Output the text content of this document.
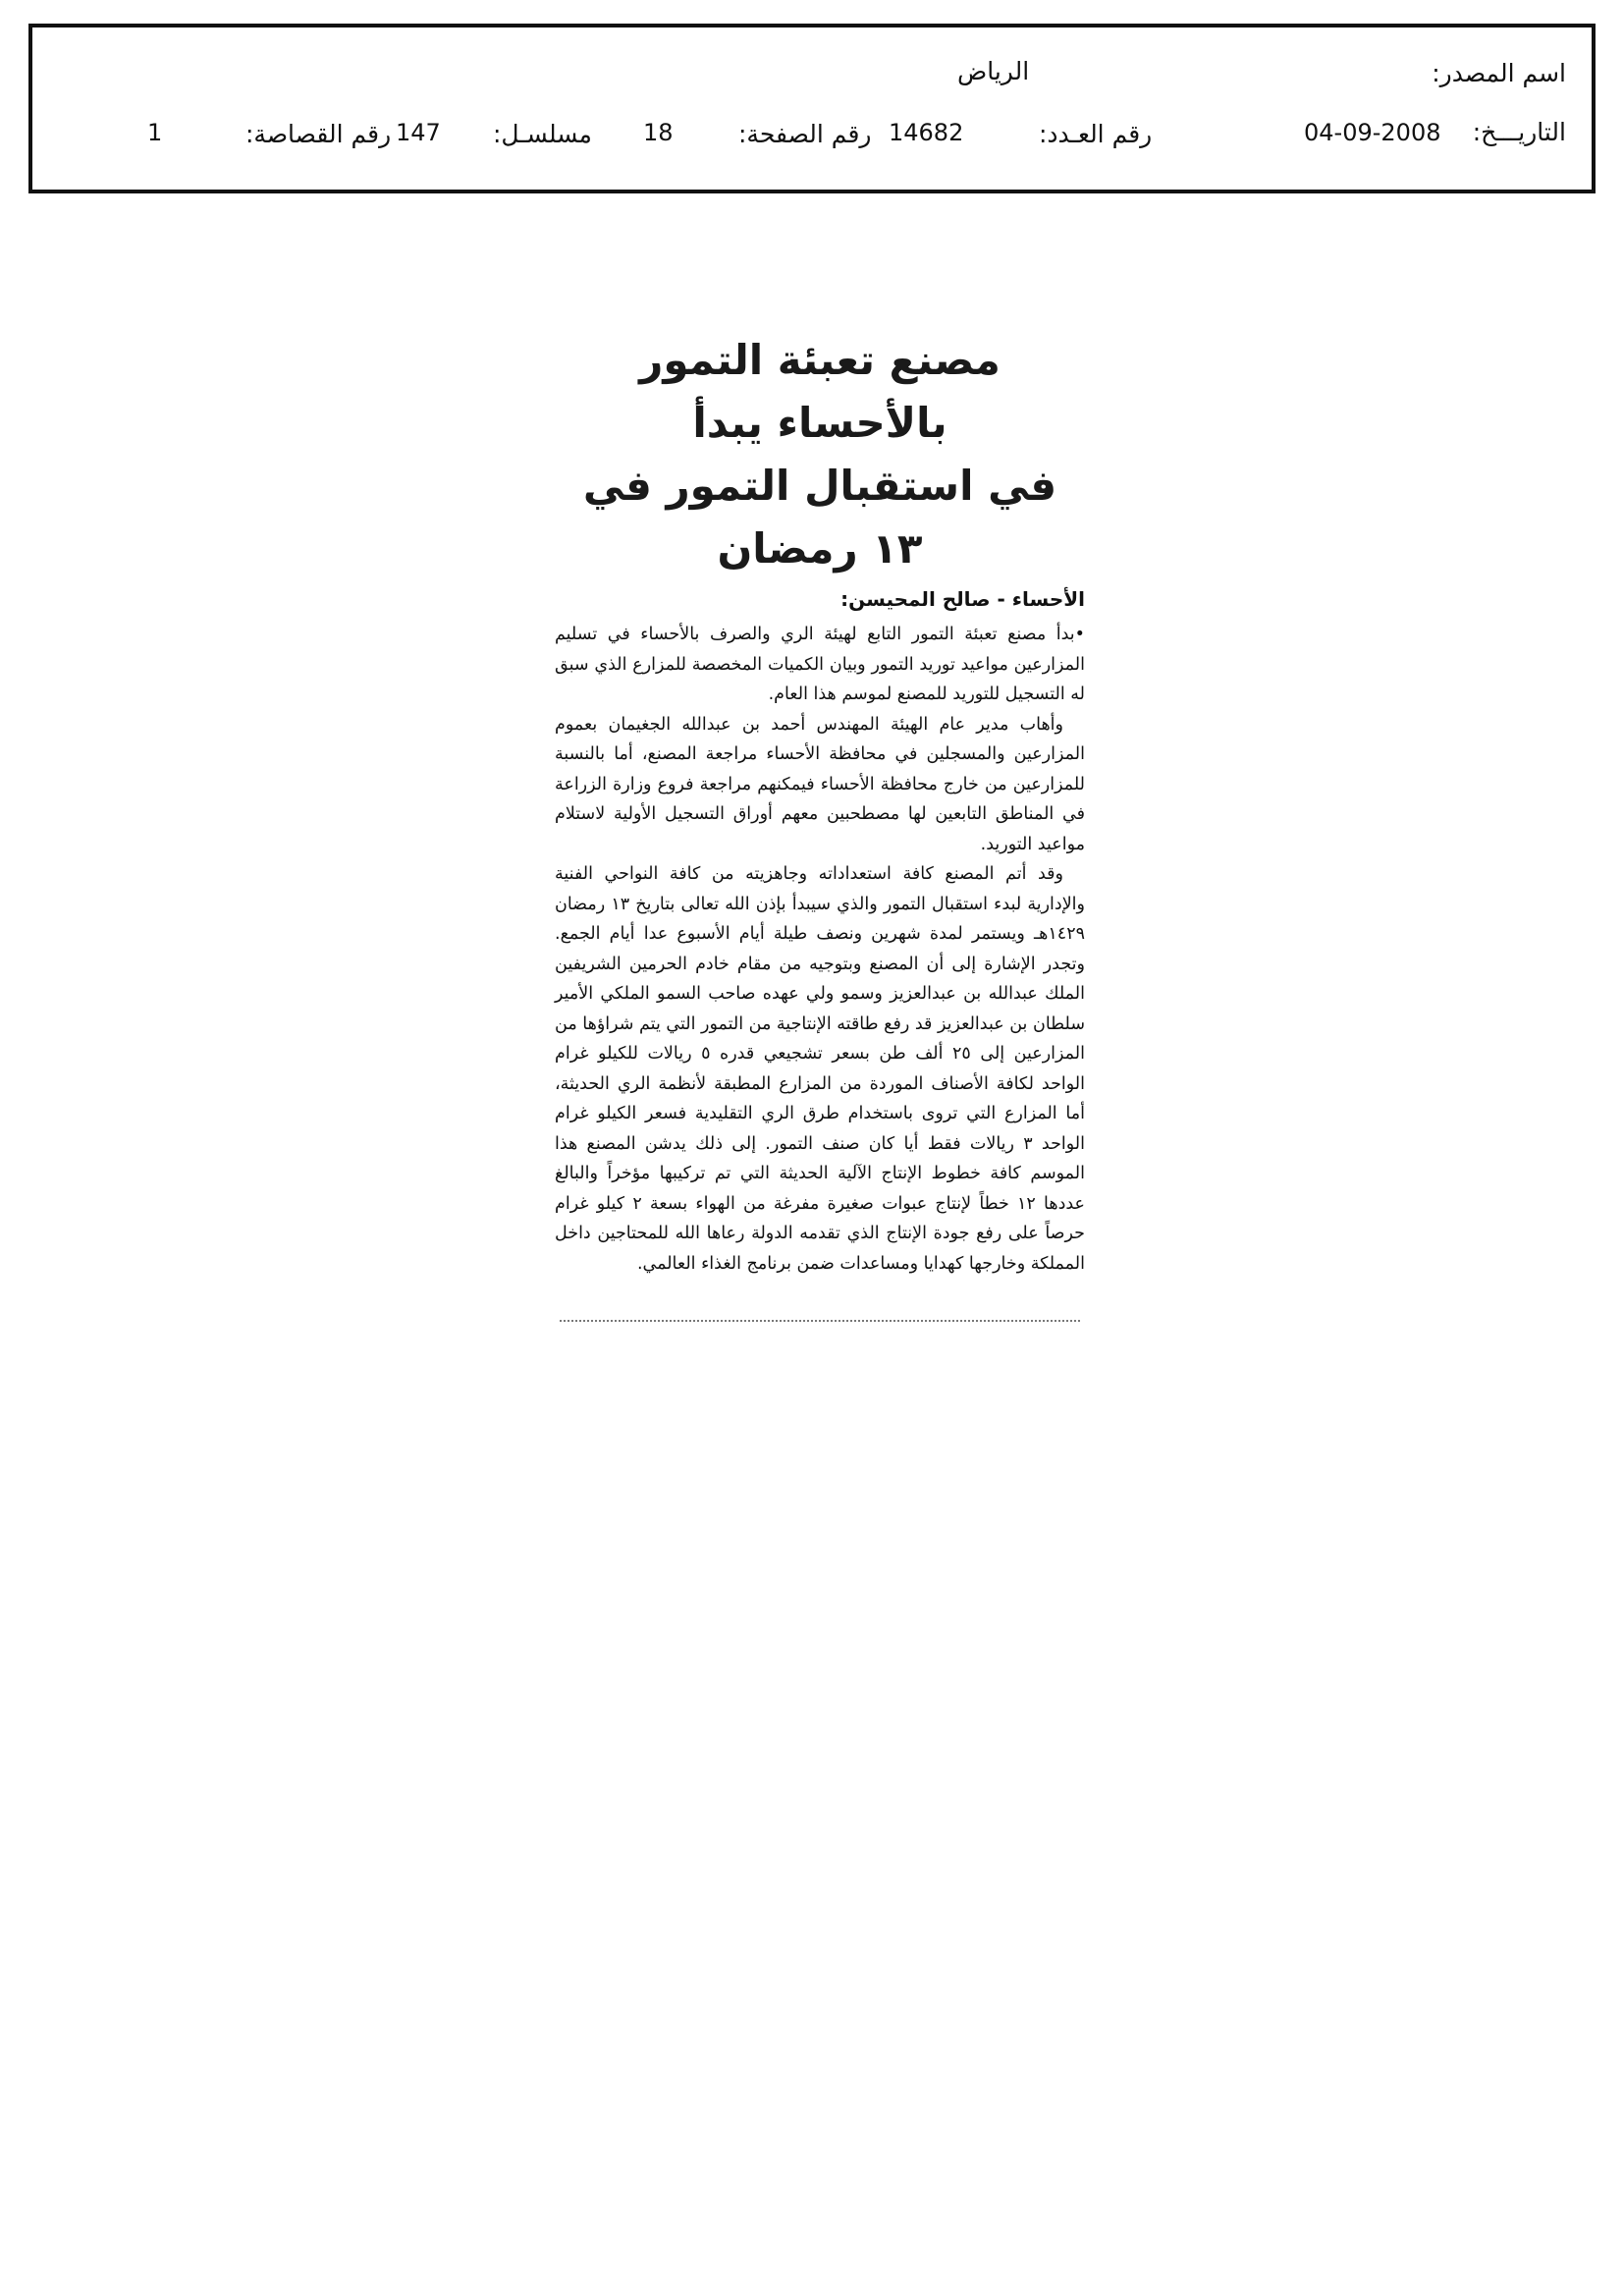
اسم المصدر:
الرياض
التاريـــخ:
04-09-2008
رقم العـدد:
14682
رقم الصفحة:
18
مسلسـل:
147
رقم القصاصة:
1
مصنع تعبئة التمور بالأحساء يبدأ
في استقبال التمور في ١٣ رمضان
الأحساء - صالح المحيسن:

•بدأ مصنع تعبئة التمور التابع لهيئة الري والصرف بالأحساء في تسليم المزارعين مواعيد توريد التمور وبيان الكميات المخصصة للمزارع الذي سبق له التسجيل للتوريد للمصنع لموسم هذا العام.

وأهاب مدير عام الهيئة المهندس أحمد بن عبدالله الجغيمان بعموم المزارعين والمسجلين في محافظة الأحساء مراجعة المصنع، أما بالنسبة للمزارعين من خارج محافظة الأحساء فيمكنهم مراجعة فروع وزارة الزراعة في المناطق التابعين لها مصطحبين معهم أوراق التسجيل الأولية لاستلام مواعيد التوريد.

وقد أتم المصنع كافة استعداداته وجاهزيته من كافة النواحي الفنية والإدارية لبدء استقبال التمور والذي سيبدأ بإذن الله تعالى بتاريخ ١٣ رمضان ١٤٢٩هـ ويستمر لمدة شهرين ونصف طيلة أيام الأسبوع عدا أيام الجمع. وتجدر الإشارة إلى أن المصنع وبتوجيه من مقام خادم الحرمين الشريفين الملك عبدالله بن عبدالعزيز وسمو ولي عهده صاحب السمو الملكي الأمير سلطان بن عبدالعزيز قد رفع طاقته الإنتاجية من التمور التي يتم شراؤها من المزارعين إلى ٢٥ ألف طن بسعر تشجيعي قدره ٥ ريالات للكيلو غرام الواحد لكافة الأصناف الموردة من المزارع المطبقة لأنظمة الري الحديثة، أما المزارع التي تروى باستخدام طرق الري التقليدية فسعر الكيلو غرام الواحد ٣ ريالات فقط أيا كان صنف التمور. إلى ذلك يدشن المصنع هذا الموسم كافة خطوط الإنتاج الآلية الحديثة التي تم تركيبها مؤخراً والبالغ عددها ١٢ خطاً لإنتاج عبوات صغيرة مفرغة من الهواء بسعة ٢ كيلو غرام حرصاً على رفع جودة الإنتاج الذي تقدمه الدولة رعاها الله للمحتاجين داخل المملكة وخارجها كهدايا ومساعدات ضمن برنامج الغذاء العالمي.
